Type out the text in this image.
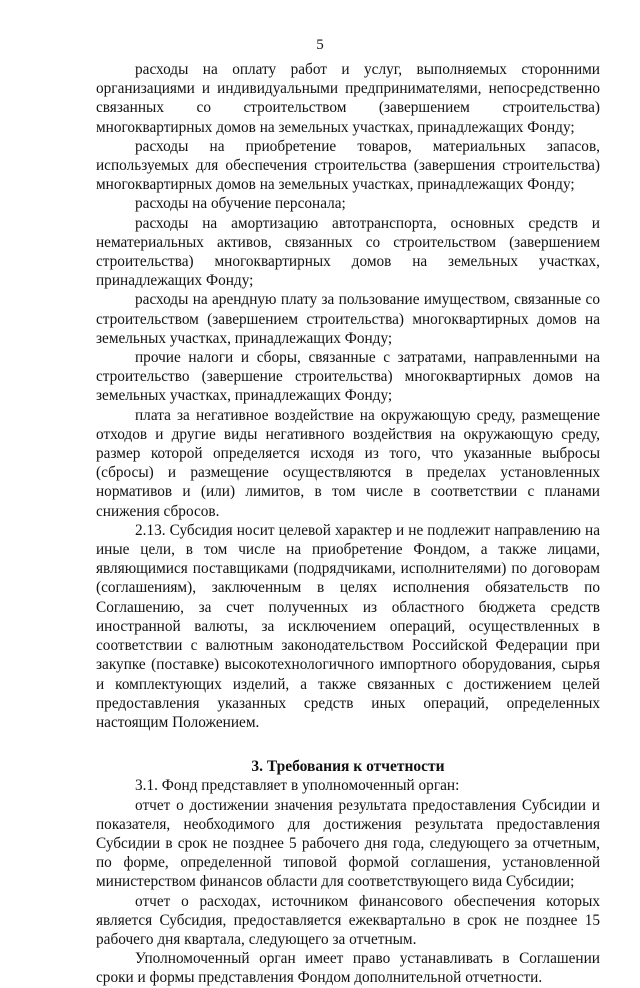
5

расходы на оплату работ и услуг, выполняемых сторонними организациями и индивидуальными предпринимателями, непосредственно связанных со строительством (завершением строительства) многоквартирных домов на земельных участках, принадлежащих Фонду;

расходы на приобретение товаров, материальных запасов, используемых для обеспечения строительства (завершения строительства) многоквартирных домов на земельных участках, принадлежащих Фонду;

расходы на обучение персонала;

расходы на амортизацию автотранспорта, основных средств и нематериальных активов, связанных со строительством (завершением строительства) многоквартирных домов на земельных участках, принадлежащих Фонду;

расходы на арендную плату за пользование имуществом, связанные со строительством (завершением строительства) многоквартирных домов на земельных участках, принадлежащих Фонду;

прочие налоги и сборы, связанные с затратами, направленными на строительство (завершение строительства) многоквартирных домов на земельных участках, принадлежащих Фонду;

плата за негативное воздействие на окружающую среду, размещение отходов и другие виды негативного воздействия на окружающую среду, размер которой определяется исходя из того, что указанные выбросы (сбросы) и размещение осуществляются в пределах установленных нормативов и (или) лимитов, в том числе в соответствии с планами снижения сбросов.

2.13. Субсидия носит целевой характер и не подлежит направлению на иные цели, в том числе на приобретение Фондом, а также лицами, являющимися поставщиками (подрядчиками, исполнителями) по договорам (соглашениям), заключенным в целях исполнения обязательств по Соглашению, за счет полученных из областного бюджета средств иностранной валюты, за исключением операций, осуществленных в соответствии с валютным законодательством Российской Федерации при закупке (поставке) высокотехнологичного импортного оборудования, сырья и комплектующих изделий, а также связанных с достижением целей предоставления указанных средств иных операций, определенных настоящим Положением.

3. Требования к отчетности

3.1. Фонд представляет в уполномоченный орган:

отчет о достижении значения результата предоставления Субсидии и показателя, необходимого для достижения результата предоставления Субсидии в срок не позднее 5 рабочего дня года, следующего за отчетным, по форме, определенной типовой формой соглашения, установленной министерством финансов области для соответствующего вида Субсидии;

отчет о расходах, источником финансового обеспечения которых является Субсидия, предоставляется ежеквартально в срок не позднее 15 рабочего дня квартала, следующего за отчетным.

Уполномоченный орган имеет право устанавливать в Соглашении сроки и формы представления Фондом дополнительной отчетности.
